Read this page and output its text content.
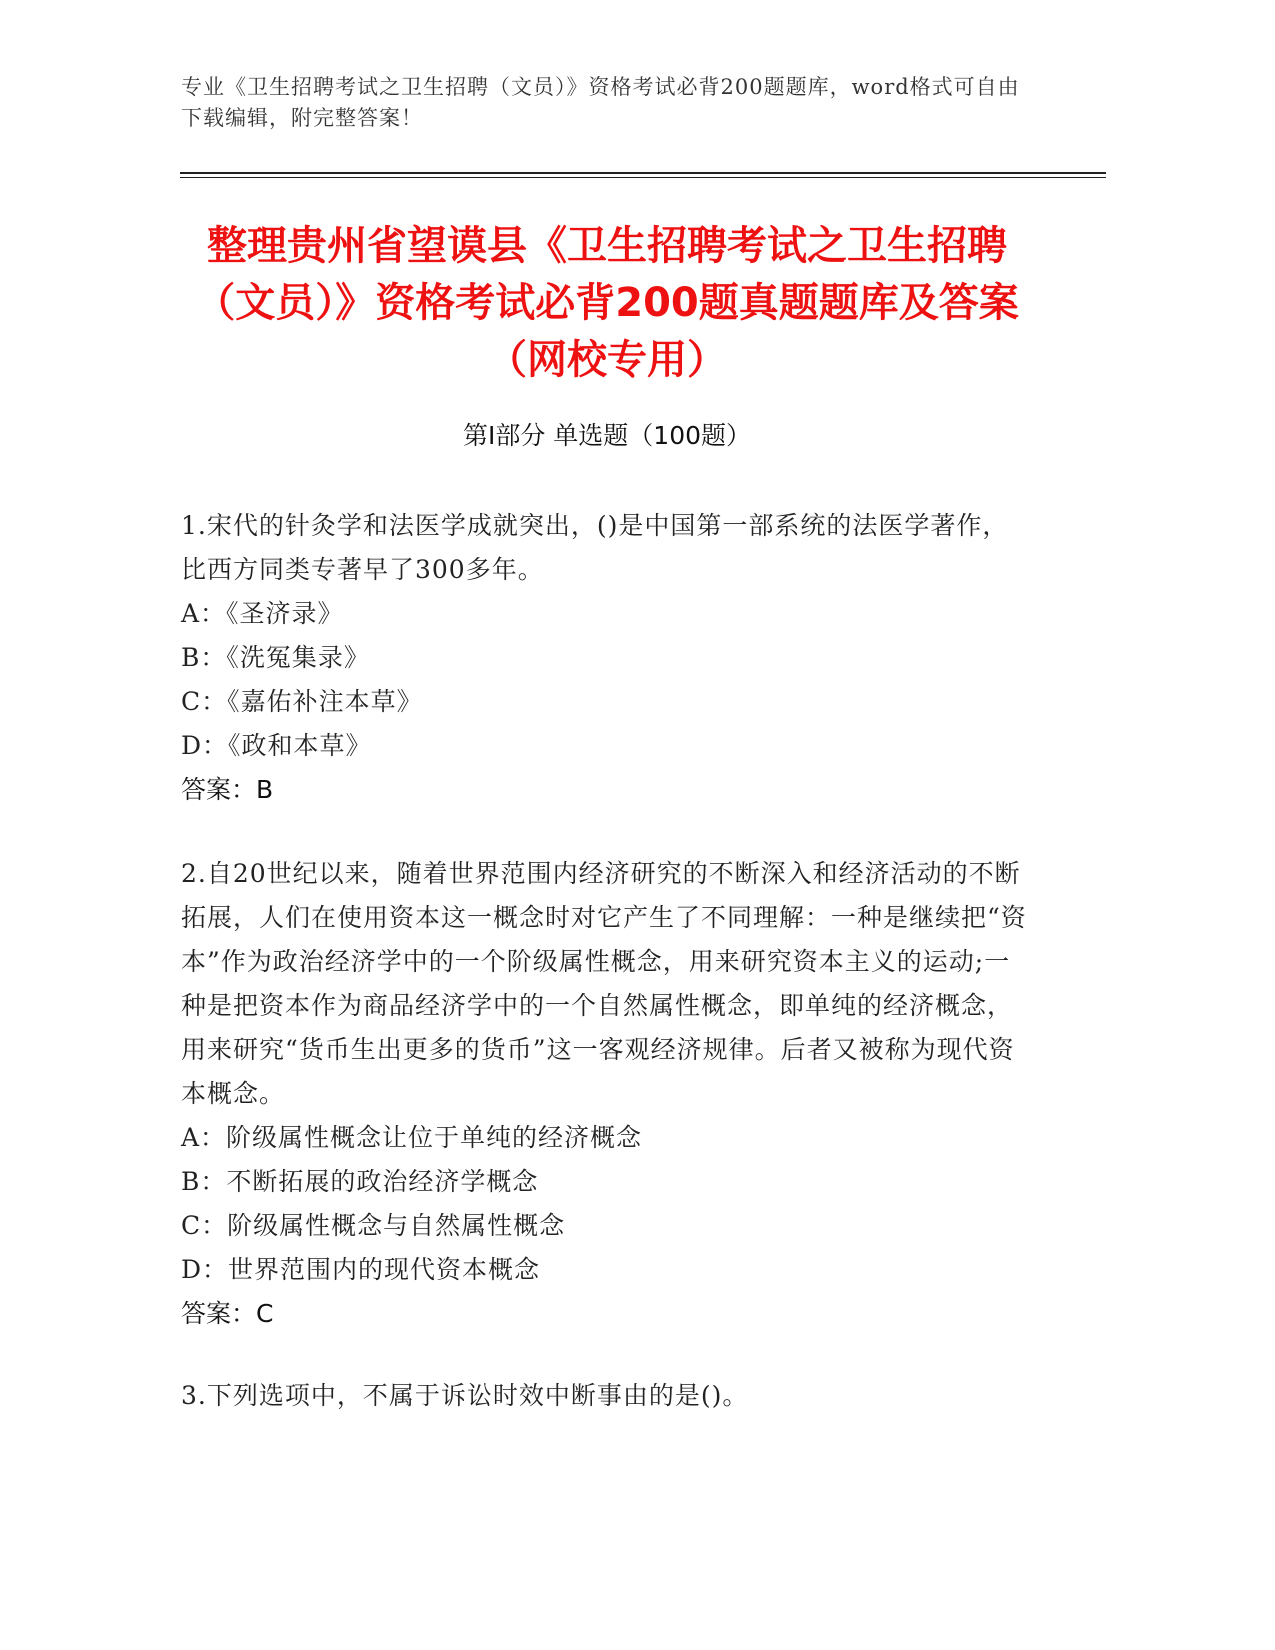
专业《卫生招聘考试之卫生招聘（文员）》资格考试必背200题题库，word格式可自由下载编辑，附完整答案！
整理贵州省望谟县《卫生招聘考试之卫生招聘（文员）》资格考试必背200题真题题库及答案（网校专用）
第Ⅰ部分 单选题（100题）

1.宋代的针灸学和法医学成就突出，()是中国第一部系统的法医学著作，比西方同类专著早了300多年。

A：《圣济录》

B：《洗冤集录》

C：《嘉佑补注本草》

D：《政和本草》

答案：B

2.自20世纪以来，随着世界范围内经济研究的不断深入和经济活动的不断拓展，人们在使用资本这一概念时对它产生了不同理解：一种是继续把“资本”作为政治经济学中的一个阶级属性概念，用来研究资本主义的运动;一种是把资本作为商品经济学中的一个自然属性概念，即单纯的经济概念，用来研究“货币生出更多的货币”这一客观经济规律。后者又被称为现代资本概念。

A：阶级属性概念让位于单纯的经济概念

B：不断拓展的政治经济学概念

C：阶级属性概念与自然属性概念

D：世界范围内的现代资本概念

答案：C

3.下列选项中，不属于诉讼时效中断事由的是()。
